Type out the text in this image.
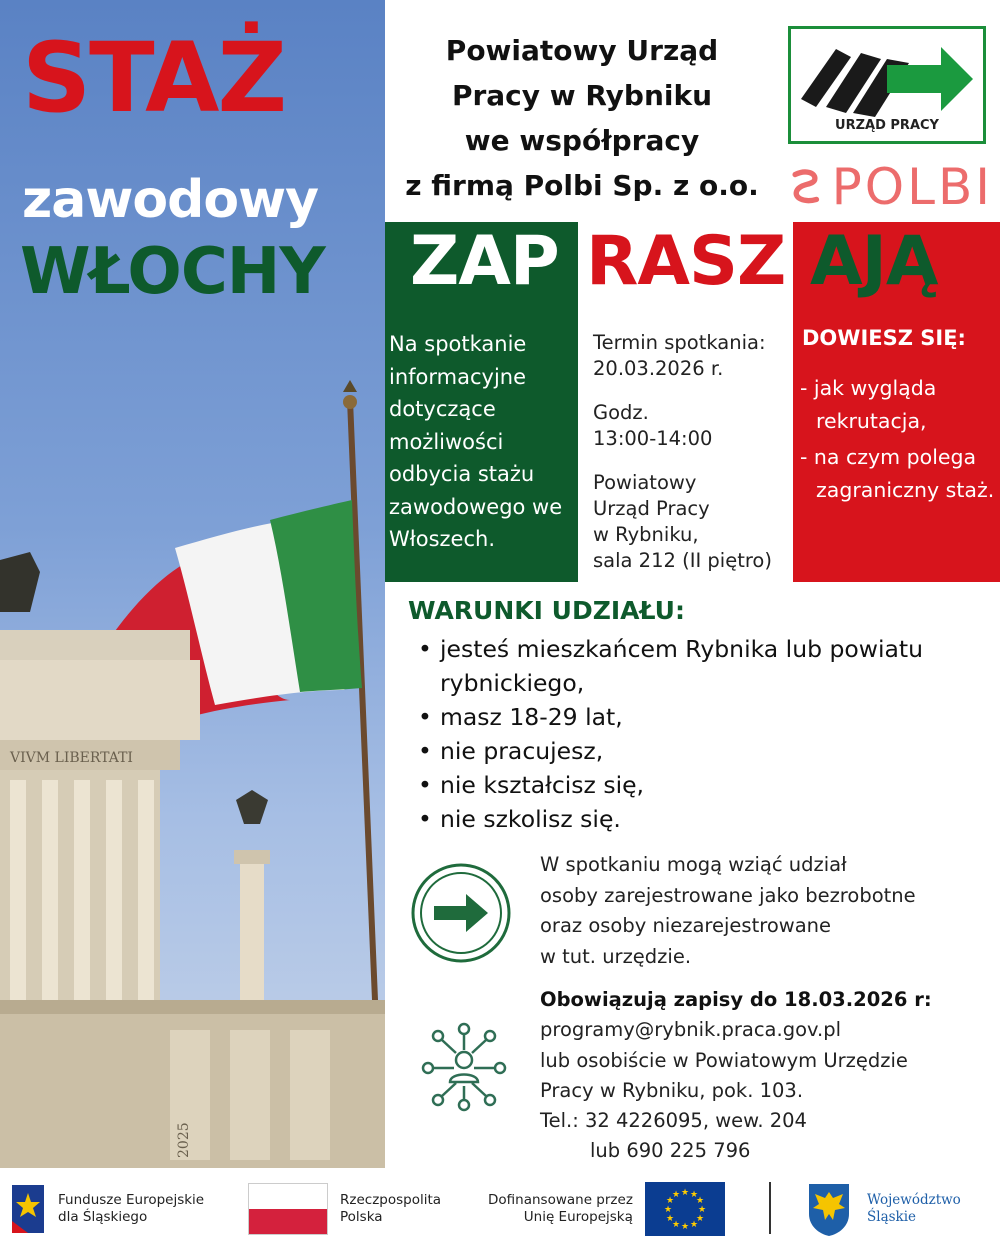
VIVM LIBERTATI
2025
STAŻ
zawodowy
WŁOCHY
Powiatowy Urząd
Pracy w Rybniku
we współpracy
z firmą Polbi Sp. z o.o.
URZĄD PRACY
POLBI
ZAP RASZ AJĄ
Na spotkanie informacyjne dotyczące możliwości odbycia stażu zawodowego we Włoszech.
Termin spotkania:
20.03.2026 r.
Godz.
13:00-14:00
Powiatowy
Urząd Pracy
w Rybniku,
sala 212 (II piętro)
DOWIESZ SIĘ:
- jak wygląda rekrutacja,
- na czym polega zagraniczny staż.
WARUNKI UDZIAŁU:
• jesteś mieszkańcem Rybnika lub powiatu rybnickiego,
• masz 18-29 lat,
• nie pracujesz,
• nie kształcisz się,
• nie szkolisz się.
W spotkaniu mogą wziąć udział
osoby zarejestrowane jako bezrobotne
oraz osoby niezarejestrowane
w tut. urzędzie.
Obowiązują zapisy do 18.03.2026 r:
programy@rybnik.praca.gov.pl
lub osobiście w Powiatowym Urzędzie
Pracy w Rybniku, pok. 103.
Tel.: 32 4226095, wew. 204
lub 690 225 796
Fundusze Europejskie
dla Śląskiego
Rzeczpospolita
Polska
Dofinansowane przez
Unię Europejską
★ ★
★
★
★
★
★
★
★
★
★
★	Województwo
Śląskie
